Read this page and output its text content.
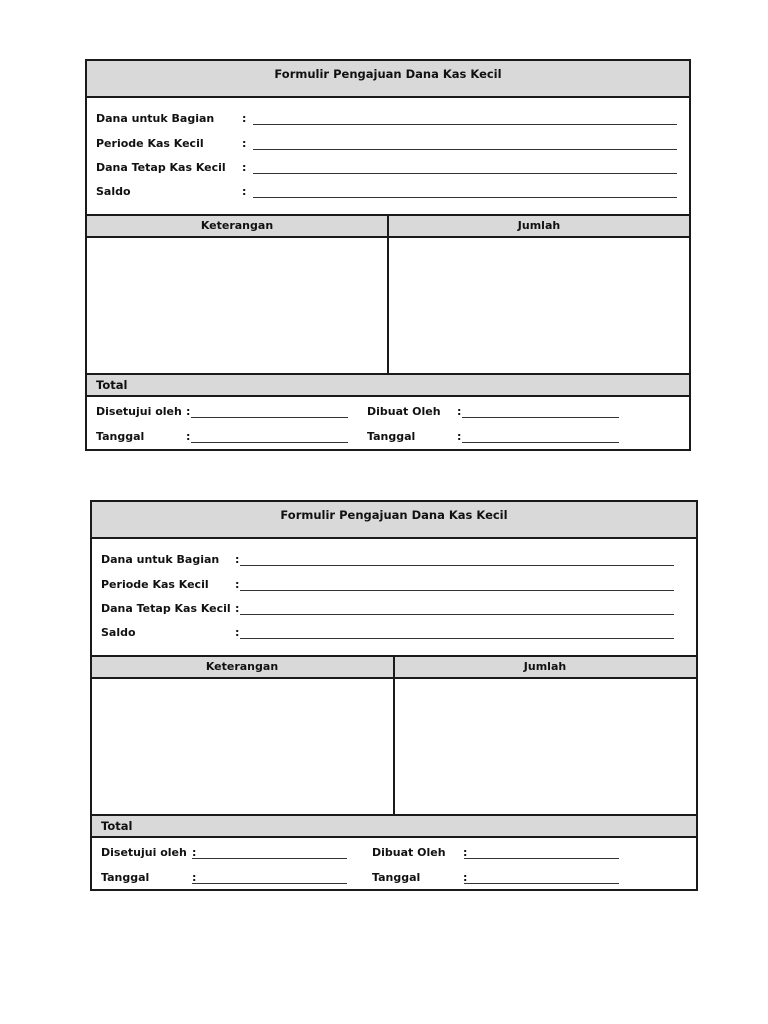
Formulir Pengajuan Dana Kas Kecil
Dana untuk Bagian	:
Periode Kas Kecil	:
Dana Tetap Kas Kecil :
Saldo	:
Keterangan	Jumlah
Total
Disetujui oleh :
Tanggal	:
Dibuat Oleh :
Tanggal	:
Formulir Pengajuan Dana Kas Kecil
Dana untuk Bagian :
Periode Kas Kecil :
Dana Tetap Kas Kecil :
Saldo	:
Keterangan	Jumlah
Total
Disetujui oleh :
Tanggal	:
Dibuat Oleh :
Tanggal	:
